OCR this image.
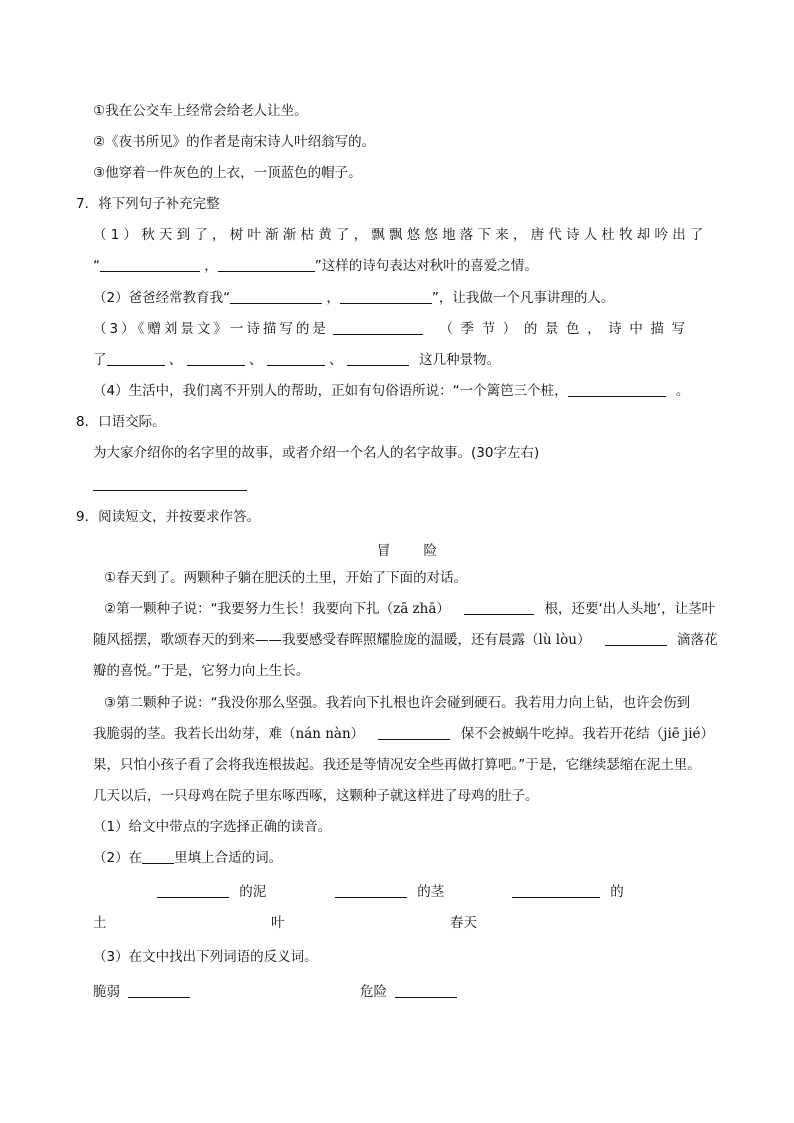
①我在公交车上经常会给老人让坐。
②《夜书所见》的作者是南宋诗人叶绍翁写的。
③他穿着一件灰色的上衣，一顶蓝色的帽子。
7．将下列句子补充完整
（1）秋天到了，树叶渐渐枯黄了，飘飘悠悠地落下来，唐代诗人杜牧却吟出了
“	，	”这样的诗句表达对秋叶的喜爱之情。
（2）爸爸经常教育我“	，	”，让我做一个凡事讲理的人。
（3）《赠刘景文》一诗描写的是	（季节）的景色，诗中描写
了	、	、	、	这几种景物。
（4）生活中，我们离不开别人的帮助，正如有句俗语所说：“一个篱笆三个桩，	。
8．口语交际。
为大家介绍你的名字里的故事，或者介绍一个名人的名字故事。(30字左右)
9．阅读短文，并按要求作答。
冒 险
①春天到了。两颗种子躺在肥沃的土里，开始了下面的对话。
②第一颗种子说：“我要努力生长！我要向下扎（zā zhā）	根，还要‘出人头地’，让茎叶
随风摇摆，歌颂春天的到来——我要感受春晖照耀脸庞的温暖，还有晨露（lù lòu）	滴落花
瓣的喜悦。”于是，它努力向上生长。
③第二颗种子说：“我没你那么坚强。我若向下扎根也许会碰到硬石。我若用力向上钻，也许会伤到
我脆弱的茎。我若长出幼芽，难（nán nàn）	保不会被蜗牛吃掉。我若开花结（jiē jié）
果，只怕小孩子看了会将我连根拔起。我还是等情况安全些再做打算吧。”于是，它继续瑟缩在泥土里。
几天以后，一只母鸡在院子里东啄西啄，这颗种子就这样进了母鸡的肚子。
（1）给文中带点的字选择正确的读音。
（2）在 里填上合适的词。
的泥	的茎	的
土	叶	春天
（3）在文中找出下列词语的反义词。
脆弱	危险
